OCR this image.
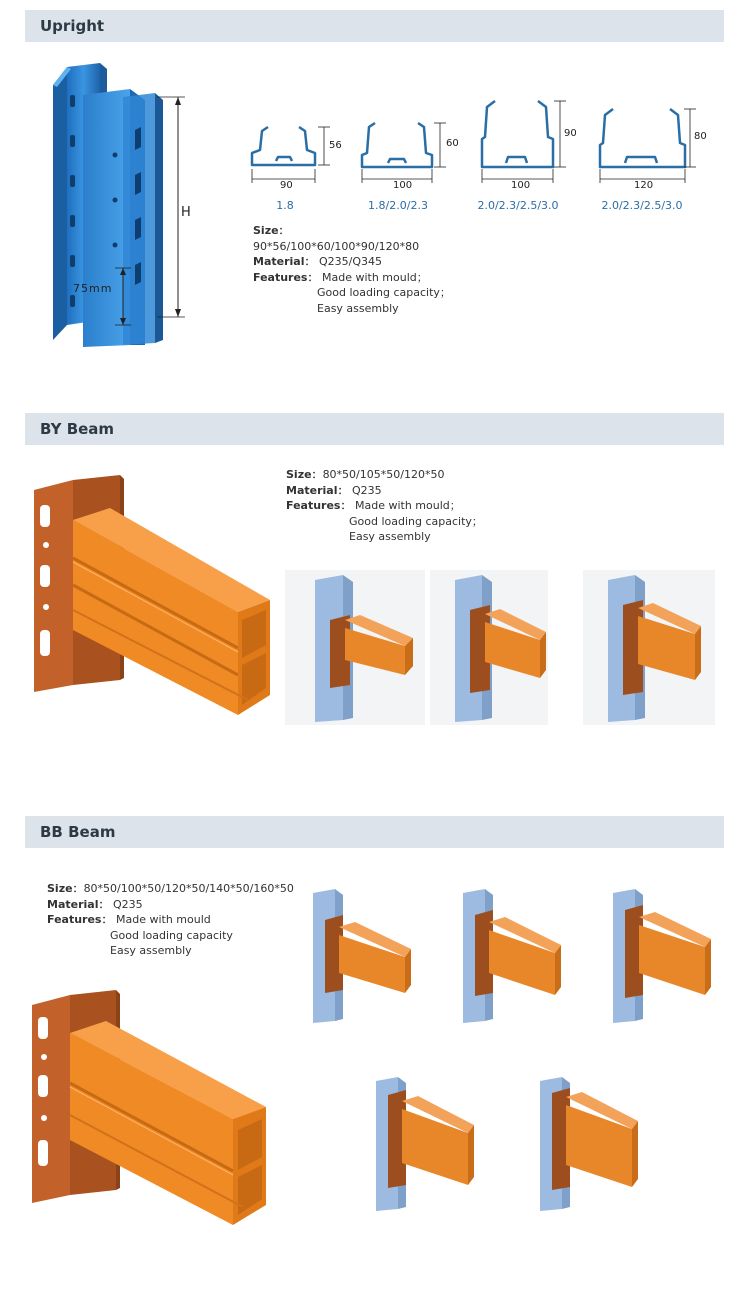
Upright
H
75mm
90
56
100
60
100
90
120
80
1.8	1.8/2.0/2.3	2.0/2.3/2.5/3.0	2.0/2.3/2.5/3.0
Size：
90*56/100*60/100*90/120*80
Material：
Q235/Q345
Features：
Made with mould；
Good loading capacity；
Easy assembly
BY Beam
Size： 80*50/105*50/120*50
Material：
Q235
Features：
Made with mould；
Good loading capacity；
Easy assembly
BB Beam
Size： 80*50/100*50/120*50/140*50/160*50
Material：
Q235
Features：
Made with mould
Good loading capacity
Easy assembly
